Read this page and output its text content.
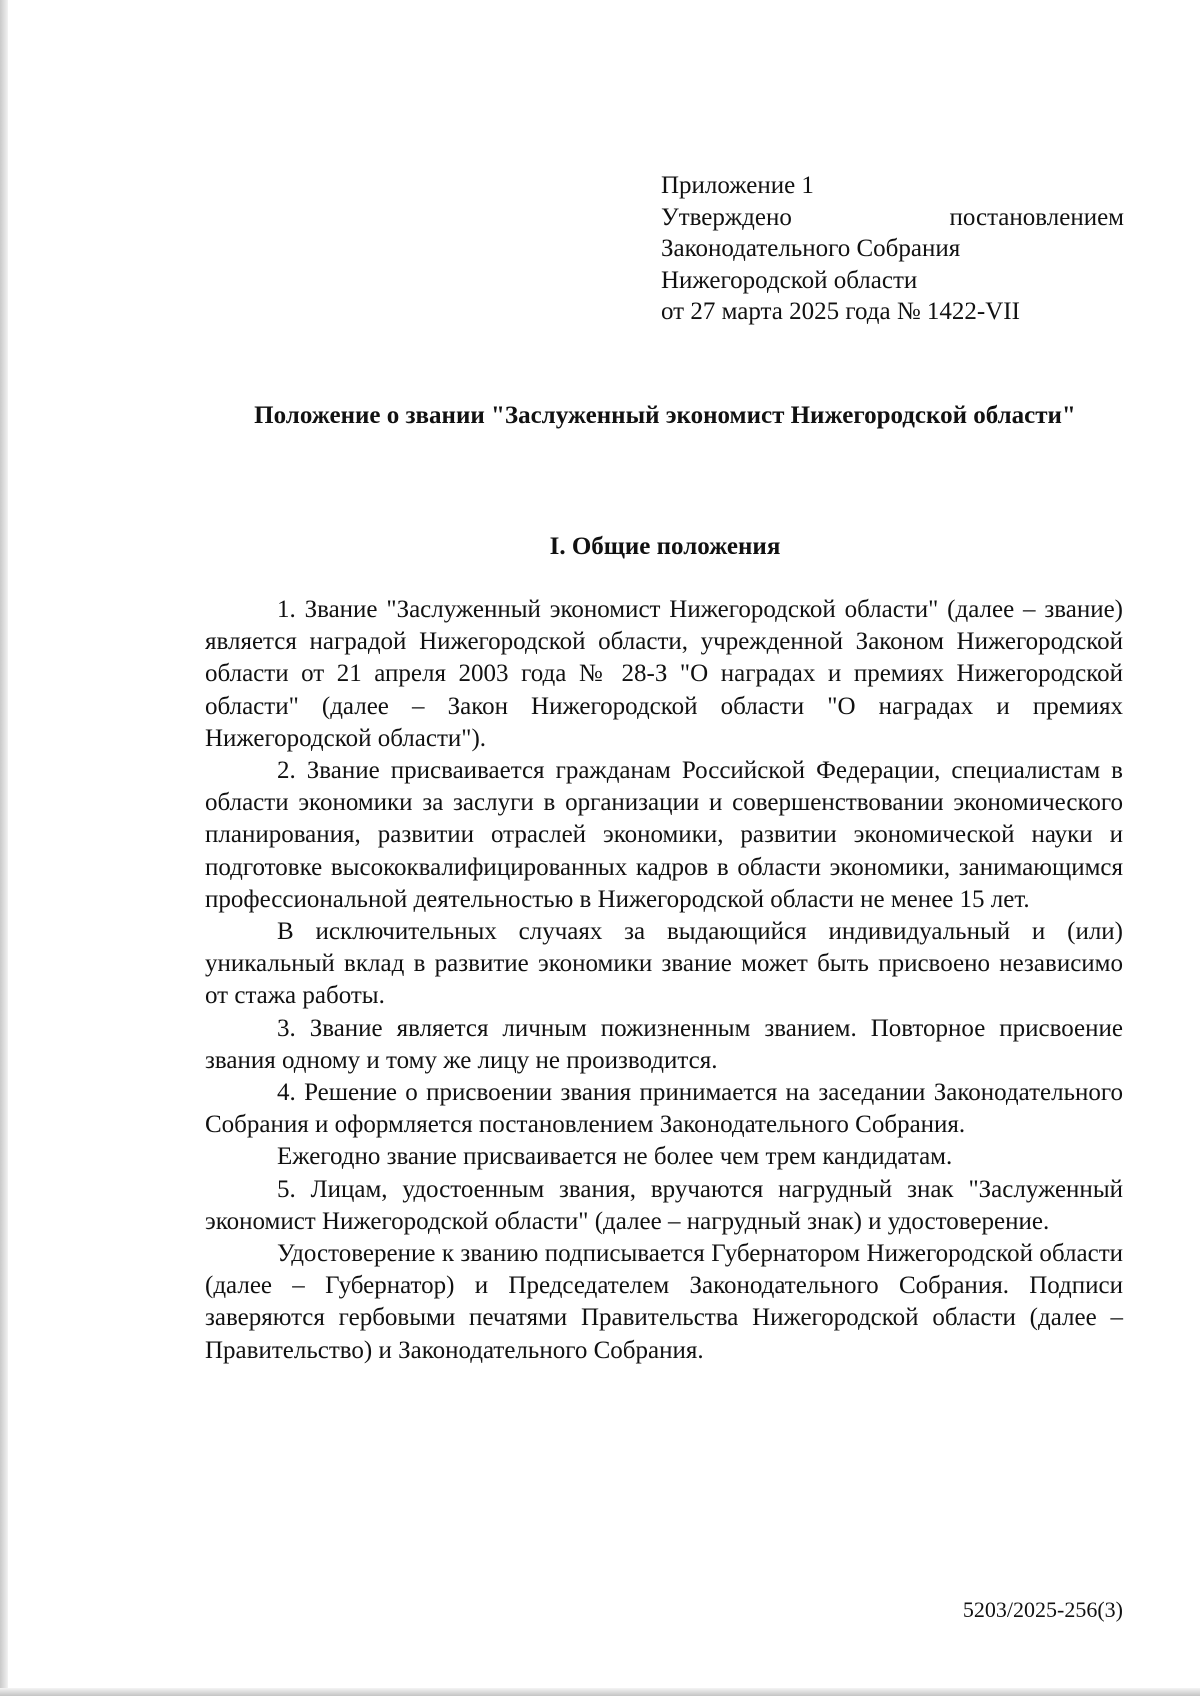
Приложение 1
Утверждено постановлением
Законодательного Собрания
Нижегородской области
от 27 марта 2025 года № 1422-VII
Положение о звании "Заслуженный экономист Нижегородской области"
I. Общие положения

1. Звание "Заслуженный экономист Нижегородской области" (далее – звание) является наградой Нижегородской области, учрежденной Законом Нижегородской области от 21 апреля 2003 года № 28-З "О наградах и премиях Нижегородской области" (далее – Закон Нижегородской области "О наградах и премиях Нижегородской области").

2. Звание присваивается гражданам Российской Федерации, специалистам в области экономики за заслуги в организации и совершенствовании экономического планирования, развитии отраслей экономики, развитии экономической науки и подготовке высококвалифицированных кадров в области экономики, занимающимся профессиональной деятельностью в Нижегородской области не менее 15 лет.

В исключительных случаях за выдающийся индивидуальный и (или) уникальный вклад в развитие экономики звание может быть присвоено независимо от стажа работы.

3. Звание является личным пожизненным званием. Повторное присвоение звания одному и тому же лицу не производится.

4. Решение о присвоении звания принимается на заседании Законодательного Собрания и оформляется постановлением Законодательного Собрания.

Ежегодно звание присваивается не более чем трем кандидатам.

5. Лицам, удостоенным звания, вручаются нагрудный знак "Заслуженный экономист Нижегородской области" (далее – нагрудный знак) и удостоверение.

Удостоверение к званию подписывается Губернатором Нижегородской области (далее – Губернатор) и Председателем Законодательного Собрания. Подписи заверяются гербовыми печатями Правительства Нижегородской области (далее – Правительство) и Законодательного Собрания.

5203/2025-256(3)
